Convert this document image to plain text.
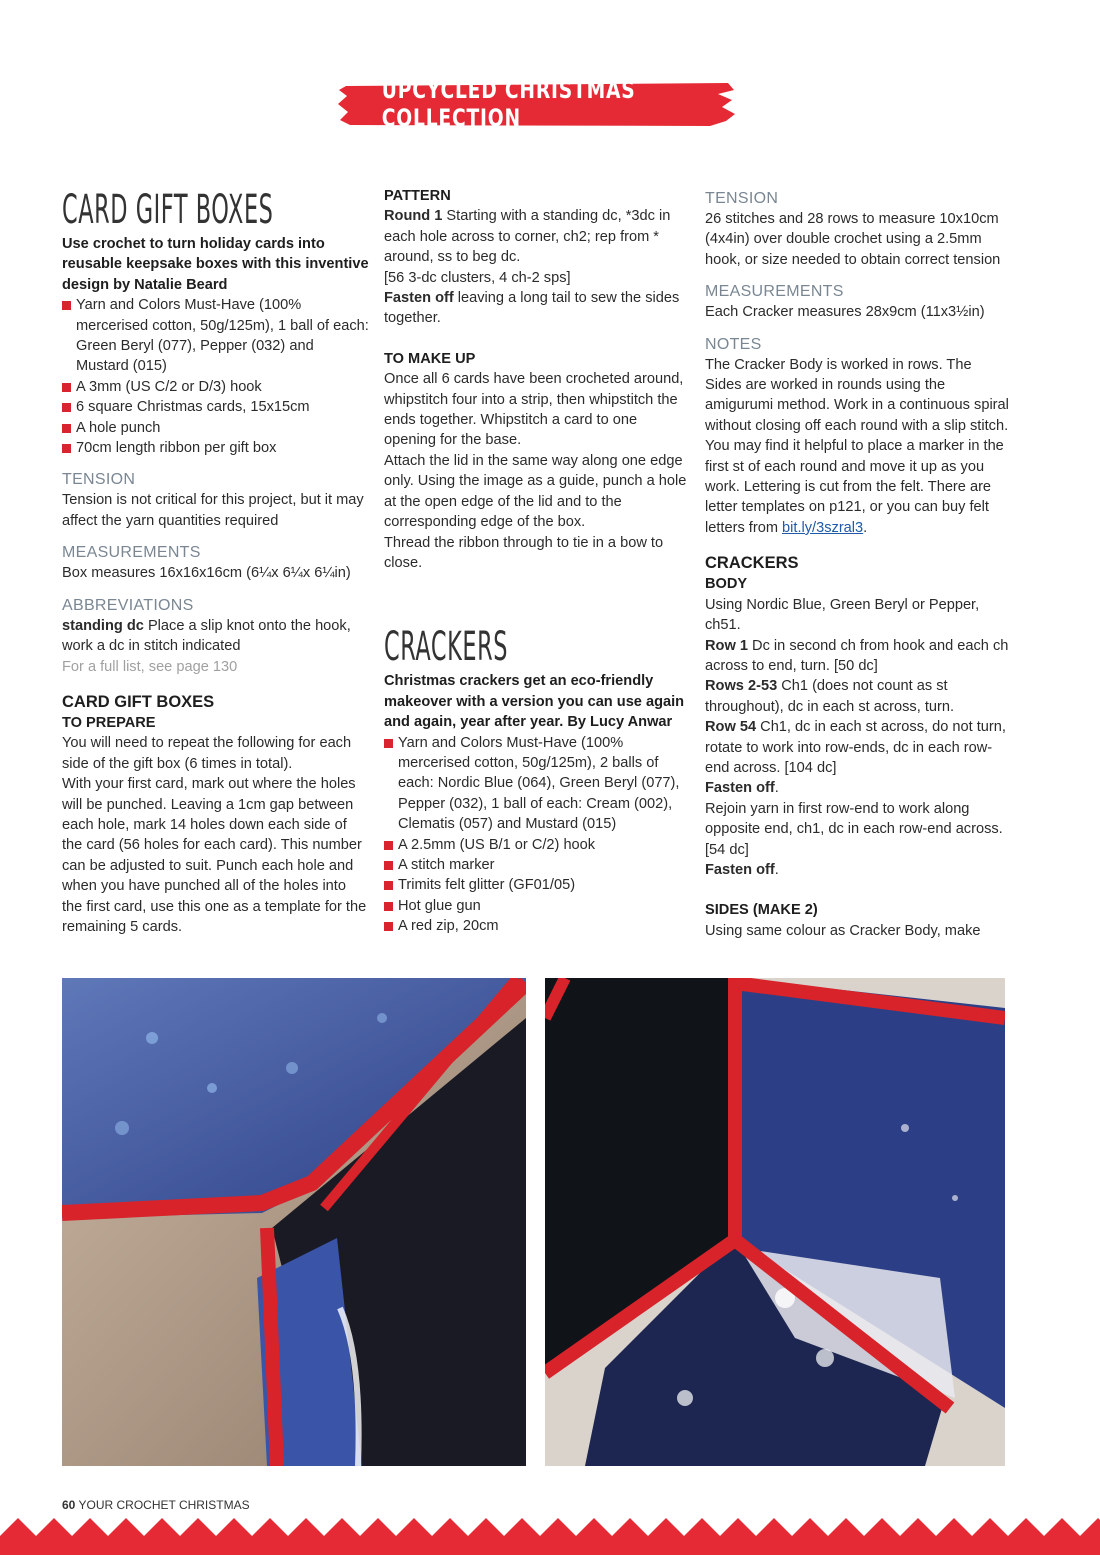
UPCYCLED CHRISTMAS COLLECTION
CARD GIFT BOXES

Use crochet to turn holiday cards into reusable keepsake boxes with this inventive design by Natalie Beard

Yarn and Colors Must-Have (100% mercerised cotton, 50g/125m), 1 ball of each: Green Beryl (077), Pepper (032) and Mustard (015)
A 3mm (US C/2 or D/3) hook
6 square Christmas cards, 15x15cm
A hole punch
70cm length ribbon per gift box
TENSION

Tension is not critical for this project, but it may affect the yarn quantities required

MEASUREMENTS

Box measures 16x16x16cm (6¼x 6¼x 6¼in)

ABBREVIATIONS

standing dc Place a slip knot onto the hook, work a dc in stitch indicated

For a full list, see page 130

CARD GIFT BOXES

TO PREPARE

You will need to repeat the following for each side of the gift box (6 times in total).

With your first card, mark out where the holes will be punched. Leaving a 1cm gap between each hole, mark 14 holes down each side of the card (56 holes for each card). This number can be adjusted to suit. Punch each hole and when you have punched all of the holes into the first card, use this one as a template for the remaining 5 cards.

PATTERN

Round 1 Starting with a standing dc, *3dc in each hole across to corner, ch2; rep from * around, ss to beg dc.

[56 3-dc clusters, 4 ch-2 sps]

Fasten off leaving a long tail to sew the sides together.

TO MAKE UP

Once all 6 cards have been crocheted around, whipstitch four into a strip, then whipstitch the ends together. Whipstitch a card to one opening for the base.

Attach the lid in the same way along one edge only. Using the image as a guide, punch a hole at the open edge of the lid and to the corresponding edge of the box.

Thread the ribbon through to tie in a bow to close.

CRACKERS

Christmas crackers get an eco-friendly makeover with a version you can use again and again, year after year. By Lucy Anwar

Yarn and Colors Must-Have (100% mercerised cotton, 50g/125m), 2 balls of each: Nordic Blue (064), Green Beryl (077), Pepper (032), 1 ball of each: Cream (002), Clematis (057) and Mustard (015)
A 2.5mm (US B/1 or C/2) hook
A stitch marker
Trimits felt glitter (GF01/05)
Hot glue gun
A red zip, 20cm
TENSION

26 stitches and 28 rows to measure 10x10cm (4x4in) over double crochet using a 2.5mm hook, or size needed to obtain correct tension

MEASUREMENTS

Each Cracker measures 28x9cm (11x3½in)

NOTES

The Cracker Body is worked in rows. The Sides are worked in rounds using the amigurumi method. Work in a continuous spiral without closing off each round with a slip stitch. You may find it helpful to place a marker in the first st of each round and move it up as you work. Lettering is cut from the felt. There are letter templates on p121, or you can buy felt letters from bit.ly/3szral3.

CRACKERS

BODY

Using Nordic Blue, Green Beryl or Pepper, ch51.

Row 1 Dc in second ch from hook and each ch across to end, turn. [50 dc]

Rows 2-53 Ch1 (does not count as st throughout), dc in each st across, turn.

Row 54 Ch1, dc in each st across, do not turn, rotate to work into row-ends, dc in each row-end across. [104 dc]

Fasten off.

Rejoin yarn in first row-end to work along opposite end, ch1, dc in each row-end across. [54 dc]

Fasten off.

SIDES (MAKE 2)

Using same colour as Cracker Body, make

60 YOUR CROCHET CHRISTMAS
